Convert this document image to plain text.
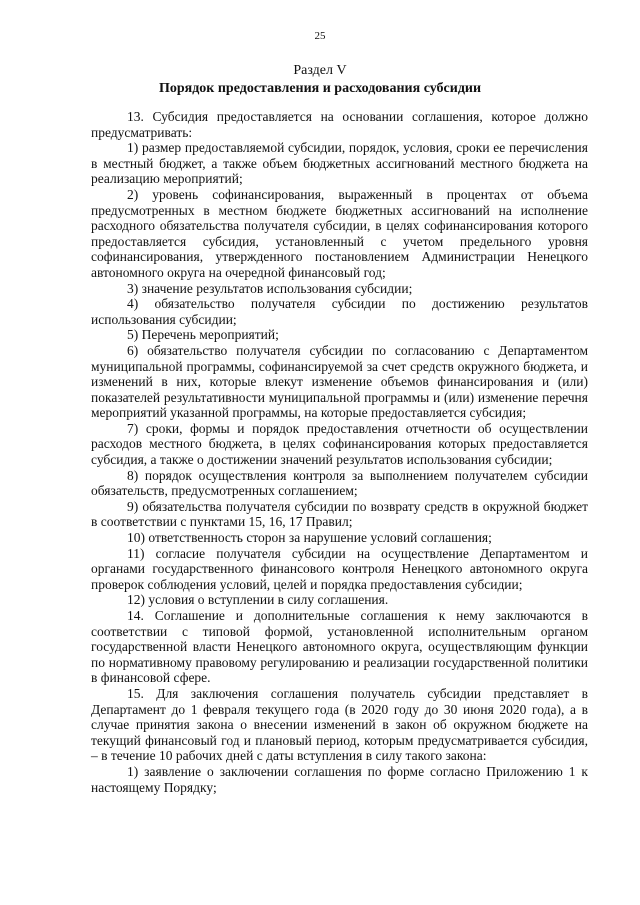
25
Раздел V
Порядок предоставления и расходования субсидии

13. Субсидия предоставляется на основании соглашения, которое должно предусматривать:

1) размер предоставляемой субсидии, порядок, условия, сроки ее перечисления в местный бюджет, а также объем бюджетных ассигнований местного бюджета на реализацию мероприятий;

2) уровень софинансирования, выраженный в процентах от объема предусмотренных в местном бюджете бюджетных ассигнований на исполнение расходного обязательства получателя субсидии, в целях софинансирования которого предоставляется субсидия, установленный с учетом предельного уровня софинансирования, утвержденного постановлением Администрации Ненецкого автономного округа на очередной финансовый год;

3) значение результатов использования субсидии;

4) обязательство получателя субсидии по достижению результатов использования субсидии;

5) Перечень мероприятий;

6) обязательство получателя субсидии по согласованию с Департаментом муниципальной программы, софинансируемой за счет средств окружного бюджета, и изменений в них, которые влекут изменение объемов финансирования и (или) показателей результативности муниципальной программы и (или) изменение перечня мероприятий указанной программы, на которые предоставляется субсидия;

7) сроки, формы и порядок предоставления отчетности об осуществлении расходов местного бюджета, в целях софинансирования которых предоставляется субсидия, а также о достижении значений результатов использования субсидии;

8) порядок осуществления контроля за выполнением получателем субсидии обязательств, предусмотренных соглашением;

9) обязательства получателя субсидии по возврату средств в окружной бюджет в соответствии с пунктами 15, 16, 17 Правил;

10) ответственность сторон за нарушение условий соглашения;

11) согласие получателя субсидии на осуществление Департаментом и органами государственного финансового контроля Ненецкого автономного округа проверок соблюдения условий, целей и порядка предоставления субсидии;

12) условия о вступлении в силу соглашения.

14. Соглашение и дополнительные соглашения к нему заключаются в соответствии с типовой формой, установленной исполнительным органом государственной власти Ненецкого автономного округа, осуществляющим функции по нормативному правовому регулированию и реализации государственной политики в финансовой сфере.

15. Для заключения соглашения получатель субсидии представляет в Департамент до 1 февраля текущего года (в 2020 году до 30 июня 2020 года), а в случае принятия закона о внесении изменений в закон об окружном бюджете на текущий финансовый год и плановый период, которым предусматривается субсидия, – в течение 10 рабочих дней с даты вступления в силу такого закона:

1) заявление о заключении соглашения по форме согласно Приложению 1 к настоящему Порядку;
